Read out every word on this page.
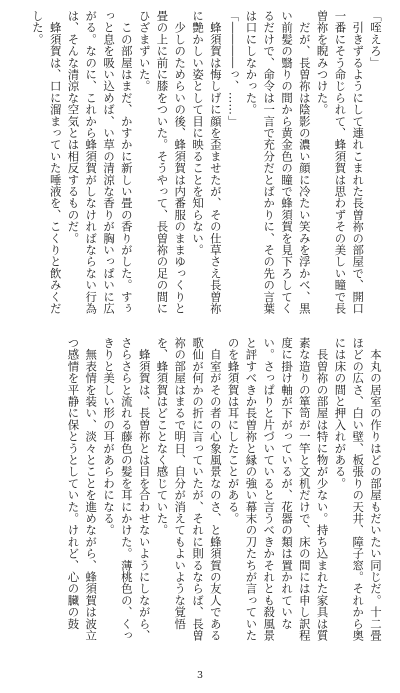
「咥えろ」

　引きずるようにして連れこまれた長曽祢の部屋で、開口一番にそう命じられて、蜂須賀は思わずその美しい瞳で長曽祢を睨みつけた。

　だが、長曽祢は陰影の濃い顔に冷たい笑みを浮かべ、黒い前髪の翳りの間から黄金色の瞳で蜂須賀を見下ろしてくるだけで、命令は一言で充分だとばかりに、その先の言葉は口にしなかった。

「――――っ、……」

　蜂須賀は悔しげに顔を歪ませたが、その仕草さえ長曽祢に艶かしい姿として目に映ることを知らない。

　少しのためらいの後、蜂須賀は内番服のままゆっくりと畳の上に前に膝をついた。そうやって、長曽祢の足の間にひざまずいた。

　この部屋はまだ、かすかに新しい畳の香りがした。すぅっと息を吸い込めば、い草の清涼な香りが胸いっぱいに広がる。なのに、これから蜂須賀がしなければならない行為は、そんな清涼な空気とは相反するものだ。

　蜂須賀は、口に溜まっていた唾液を、こくりと飲みくだした。

　本丸の居室の作りはどの部屋もだいたい同じだ。十二畳ほどの広さ、白い壁、板張りの天井、障子窓。それから奥には床の間と押入れがある。

　長曽祢の部屋は特に物が少ない。持ち込まれた家具は質素な造りの箪笥が一竿と文机だけで、床の間には申し訳程度に掛け軸が下がっているが、花器の類は置かれていない。さっぱりと片づいていると言うべきかそれとも殺風景と評すべきか長曽祢と縁の強い幕末の刀たちが言っていたのを蜂須賀は耳にしたことがある。

　自室がその者の心象風景なのさ、と蜂須賀の友人である歌仙が何かの折に言っていたが、それに則るならば、長曽祢の部屋はまるで明日、自分が消えてもよいような覚悟を、蜂須賀はどことなく感じていた。

　蜂須賀は、長曽祢とは目を合わせないようにしながら、さらさらと流れる藤色の髪を耳にかけた。薄桃色の、くっきりと美しい形の耳があらわになる。

　無表情を装い、淡々とことを進めながら、蜂須賀は波立つ感情を平静に保とうとしていた。けれど、心の臓の鼓

3
